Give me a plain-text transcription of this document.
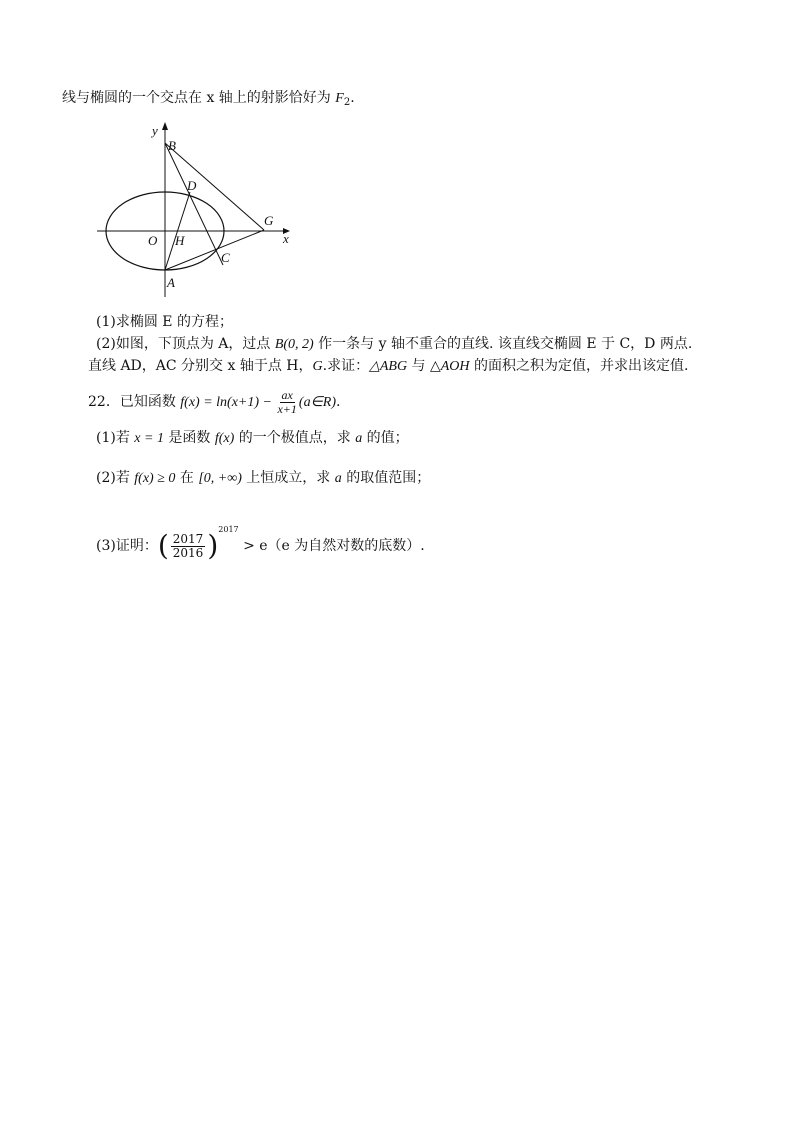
线与椭圆的一个交点在 x 轴上的射影恰好为 $F_2$.
y
B
D
G
x
O H
C
A
(1)求椭圆 E 的方程；
(2)如图，下顶点为 A，过点 B(0, 2) 作一条与 y 轴不重合的直线. 该直线交椭圆 E 于 C，D 两点.
直线 AD，AC 分别交 x 轴于点 H，G.求证：△ABG 与 △AOH 的面积之积为定值，并求出该定值.
22．已知函数 $f(x) = \ln(x+1) - \frac{ax}{x+1}$ (a∈R).
(1)若 x = 1 是函数 f(x) 的一个极值点，求 a 的值；
(2)若 f(x) ≥ 0 在 [0, +∞) 上恒成立，求 a 的取值范围；
(3)证明：( $\frac{2017}{2016} )^{2017} > e(e$ 为自然对数的底数）.
